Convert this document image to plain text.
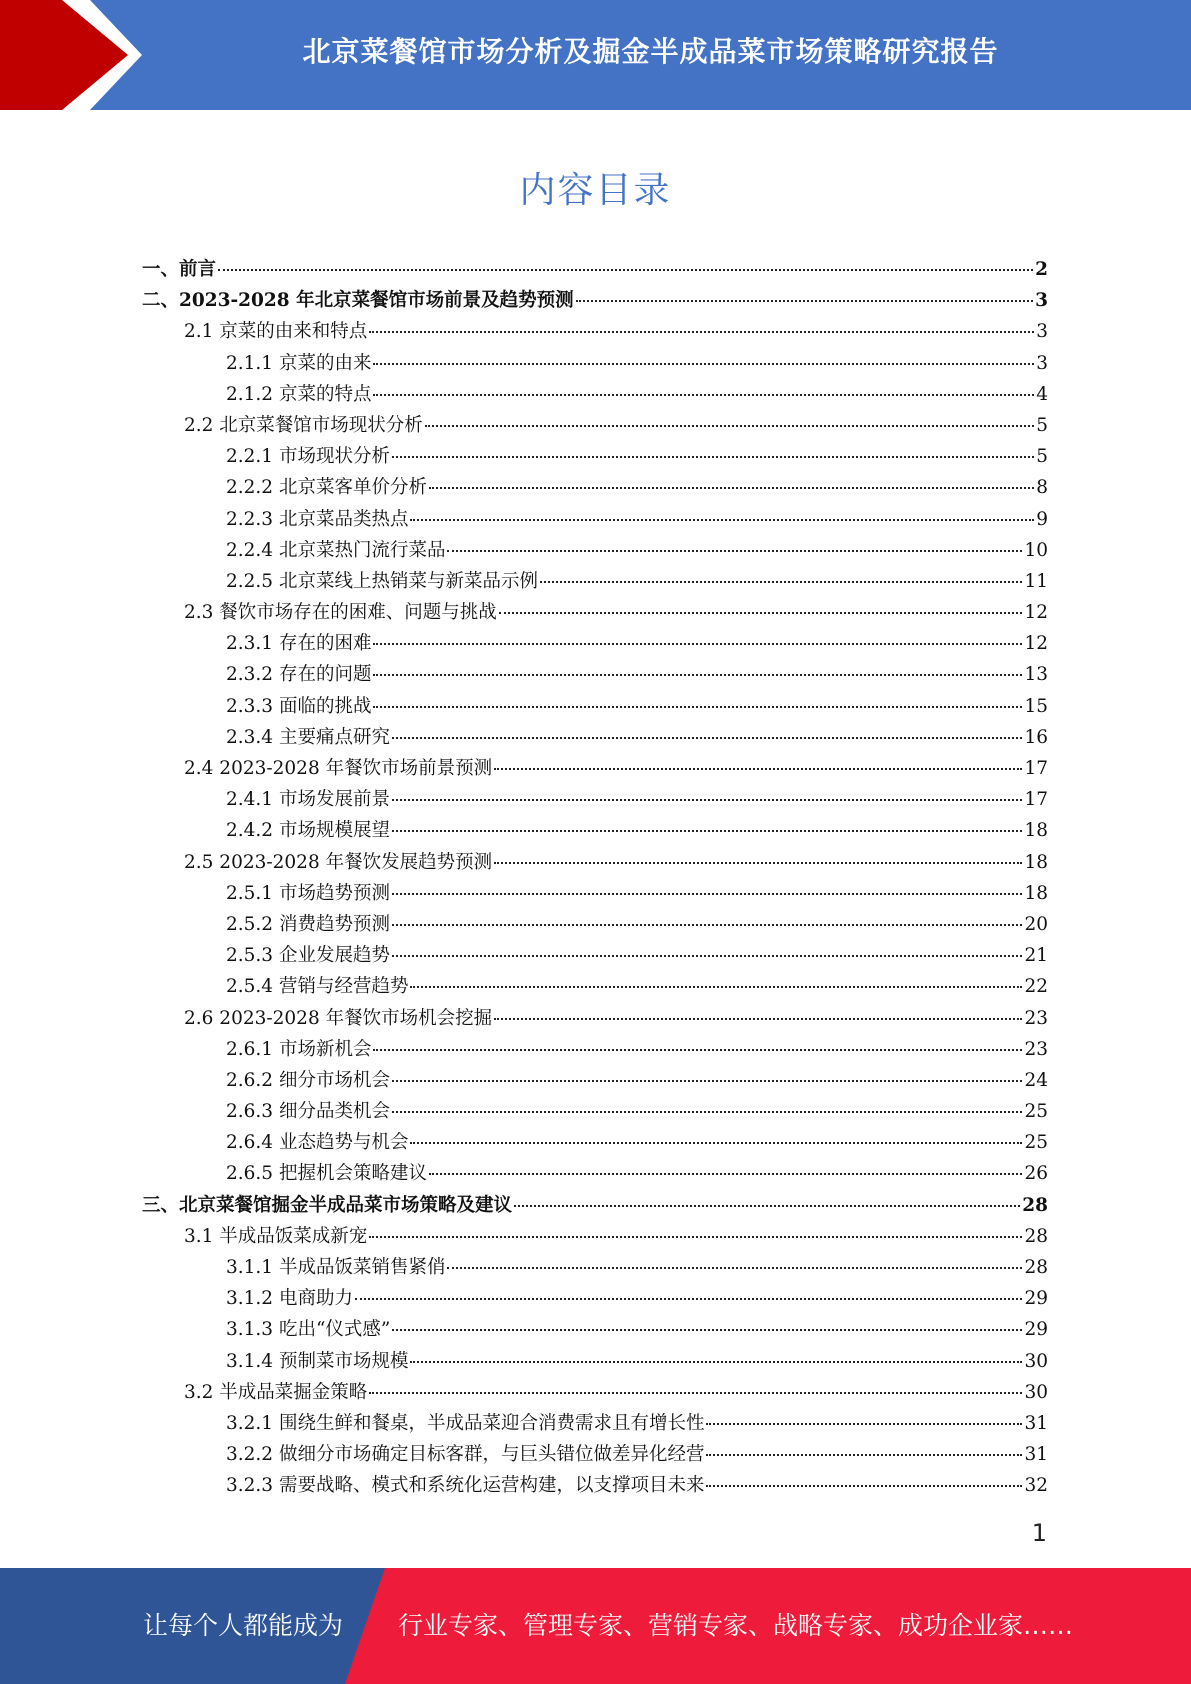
北京菜餐馆市场分析及掘金半成品菜市场策略研究报告
内容目录
一、前言	2
二、2023-2028 年北京菜餐馆市场前景及趋势预测	3
2.1 京菜的由来和特点	3
2.1.1 京菜的由来	3
2.1.2 京菜的特点	4
2.2 北京菜餐馆市场现状分析	5
2.2.1 市场现状分析	5
2.2.2 北京菜客单价分析	8
2.2.3 北京菜品类热点	9
2.2.4 北京菜热门流行菜品	10
2.2.5 北京菜线上热销菜与新菜品示例	11
2.3 餐饮市场存在的困难、问题与挑战	12
2.3.1 存在的困难	12
2.3.2 存在的问题	13
2.3.3 面临的挑战	15
2.3.4 主要痛点研究	16
2.4 2023-2028 年餐饮市场前景预测	17
2.4.1 市场发展前景	17
2.4.2 市场规模展望	18
2.5 2023-2028 年餐饮发展趋势预测	18
2.5.1 市场趋势预测	18
2.5.2 消费趋势预测	20
2.5.3 企业发展趋势	21
2.5.4 营销与经营趋势	22
2.6 2023-2028 年餐饮市场机会挖掘	23
2.6.1 市场新机会	23
2.6.2 细分市场机会	24
2.6.3 细分品类机会	25
2.6.4 业态趋势与机会	25
2.6.5 把握机会策略建议	26
三、北京菜餐馆掘金半成品菜市场策略及建议	28
3.1 半成品饭菜成新宠	28
3.1.1 半成品饭菜销售紧俏	28
3.1.2 电商助力	29
3.1.3 吃出“仪式感”	29
3.1.4 预制菜市场规模	30
3.2 半成品菜掘金策略	30
3.2.1 围绕生鲜和餐桌，半成品菜迎合消费需求且有增长性	31
3.2.2 做细分市场确定目标客群，与巨头错位做差异化经营	31
3.2.3 需要战略、模式和系统化运营构建，以支撑项目未来	32
1
让每个人都能成为 行业专家、管理专家、营销专家、战略专家、成功企业家……
